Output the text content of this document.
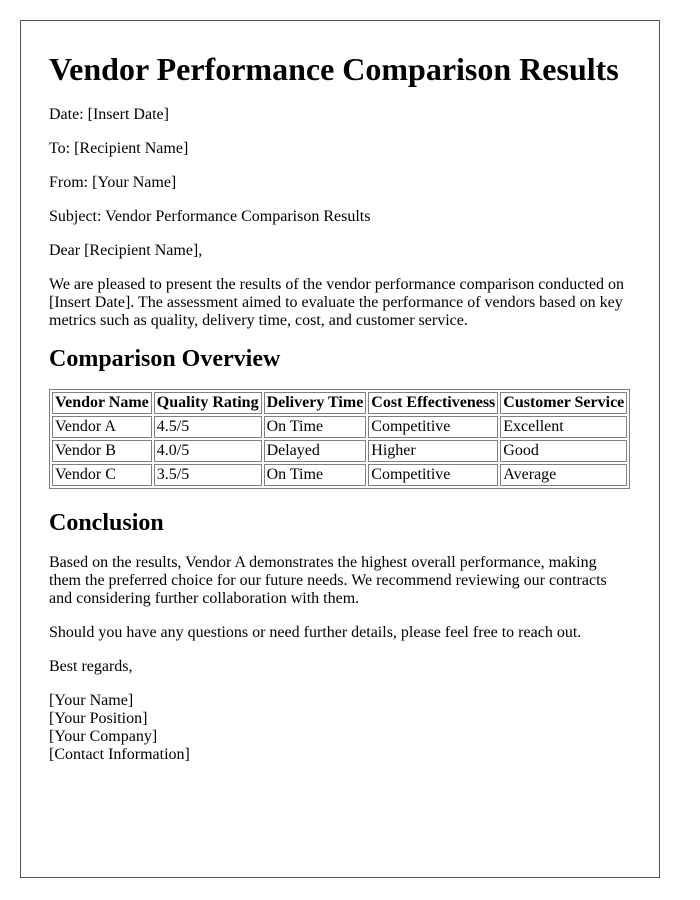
Vendor Performance Comparison Results

Date: [Insert Date]

To: [Recipient Name]

From: [Your Name]

Subject: Vendor Performance Comparison Results

Dear [Recipient Name],

We are pleased to present the results of the vendor performance comparison conducted on [Insert Date]. The assessment aimed to evaluate the performance of vendors based on key metrics such as quality, delivery time, cost, and customer service.

Comparison Overview
Vendor Name	Quality Rating	Delivery Time	Cost Effectiveness	Customer Service
Vendor A	4.5/5	On Time	Competitive	Excellent
Vendor B	4.0/5	Delayed	Higher	Good
Vendor C	3.5/5	On Time	Competitive	Average
Conclusion

Based on the results, Vendor A demonstrates the highest overall performance, making them the preferred choice for our future needs. We recommend reviewing our contracts and considering further collaboration with them.

Should you have any questions or need further details, please feel free to reach out.

Best regards,

[Your Name]
[Your Position]
[Your Company]
[Contact Information]
